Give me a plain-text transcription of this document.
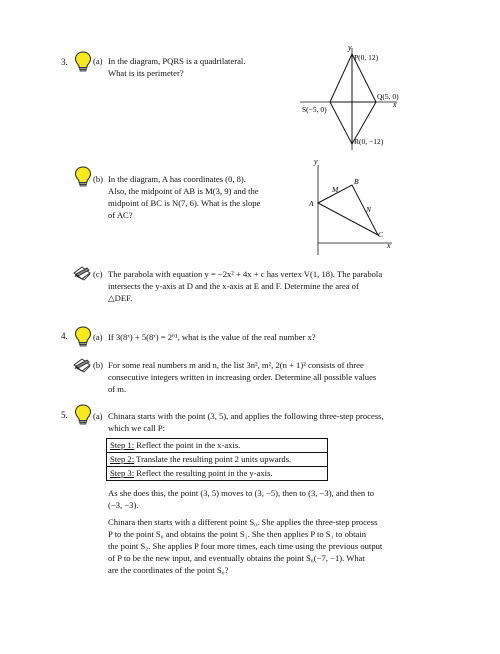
3.	(a) In the diagram, PQRS is a quadrilateral.
What is its perimeter?
y
x
P(0, 12)
Q(5, 0)
R(0, −12)
S(−5, 0)
(b) In the diagram, A has coordinates (0, 8).
Also, the midpoint of AB is M(3, 9) and the
midpoint of BC is N(7, 6). What is the slope
of AC?
y
x
A
B
C
M
N
(c) The parabola with equation y = −2x² + 4x + c has vertex V(1, 18). The parabola
intersects the y-axis at D and the x-axis at E and F. Determine the area of
△DEF.
4.	(a) If 3(8ˣ) + 5(8ˣ) = 2⁶¹, what is the value of the real number x?
(b) For some real numbers m and n, the list 3n², m², 2(n + 1)² consists of three
consecutive integers written in increasing order. Determine all possible values
of m.
5.	(a) Chinara starts with the point (3, 5), and applies the following three-step process,
which we call P:
Step 1: Reflect the point in the x-axis.
Step 2: Translate the resulting point 2 units upwards.
Step 3: Reflect the resulting point in the y-axis.
As she does this, the point (3, 5) moves to (3, −5), then to (3, −3), and then to
(−3, −3).
Chinara then starts with a different point S₀. She applies the three-step process
P to the point S₀ and obtains the point S₁. She then applies P to S₁ to obtain
the point S₂. She applies P four more times, each time using the previous output
of P to be the new input, and eventually obtains the point S₆(−7, −1). What
are the coordinates of the point S₀?
